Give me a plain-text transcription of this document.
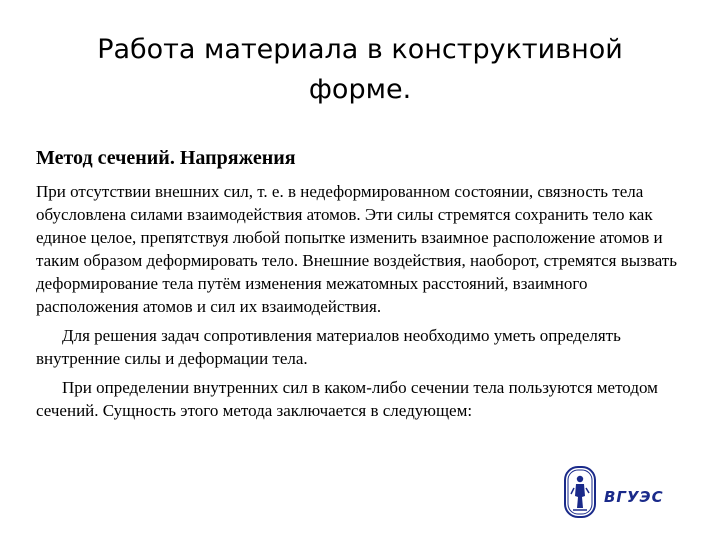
Работа материала в конструктивной форме.

Метод сечений. Напряжения

При отсутствии внешних сил, т. е. в недеформированном состоянии, связность тела обусловлена силами взаимодействия атомов. Эти силы стремятся сохранить тело как единое целое, препятствуя любой попытке изменить взаимное расположение атомов и таким образом деформировать тело. Внешние воздействия, наоборот, стремятся вызвать деформирование тела путём изменения межатомных расстояний, взаимного расположения атомов и сил их взаимодействия.

Для решения задач сопротивления материалов необходимо уметь определять внутренние силы и деформации тела.

При определении внутренних сил в каком-либо сечении тела пользуются методом сечений. Сущность этого метода заключается в следующем:

ВГУЭС
